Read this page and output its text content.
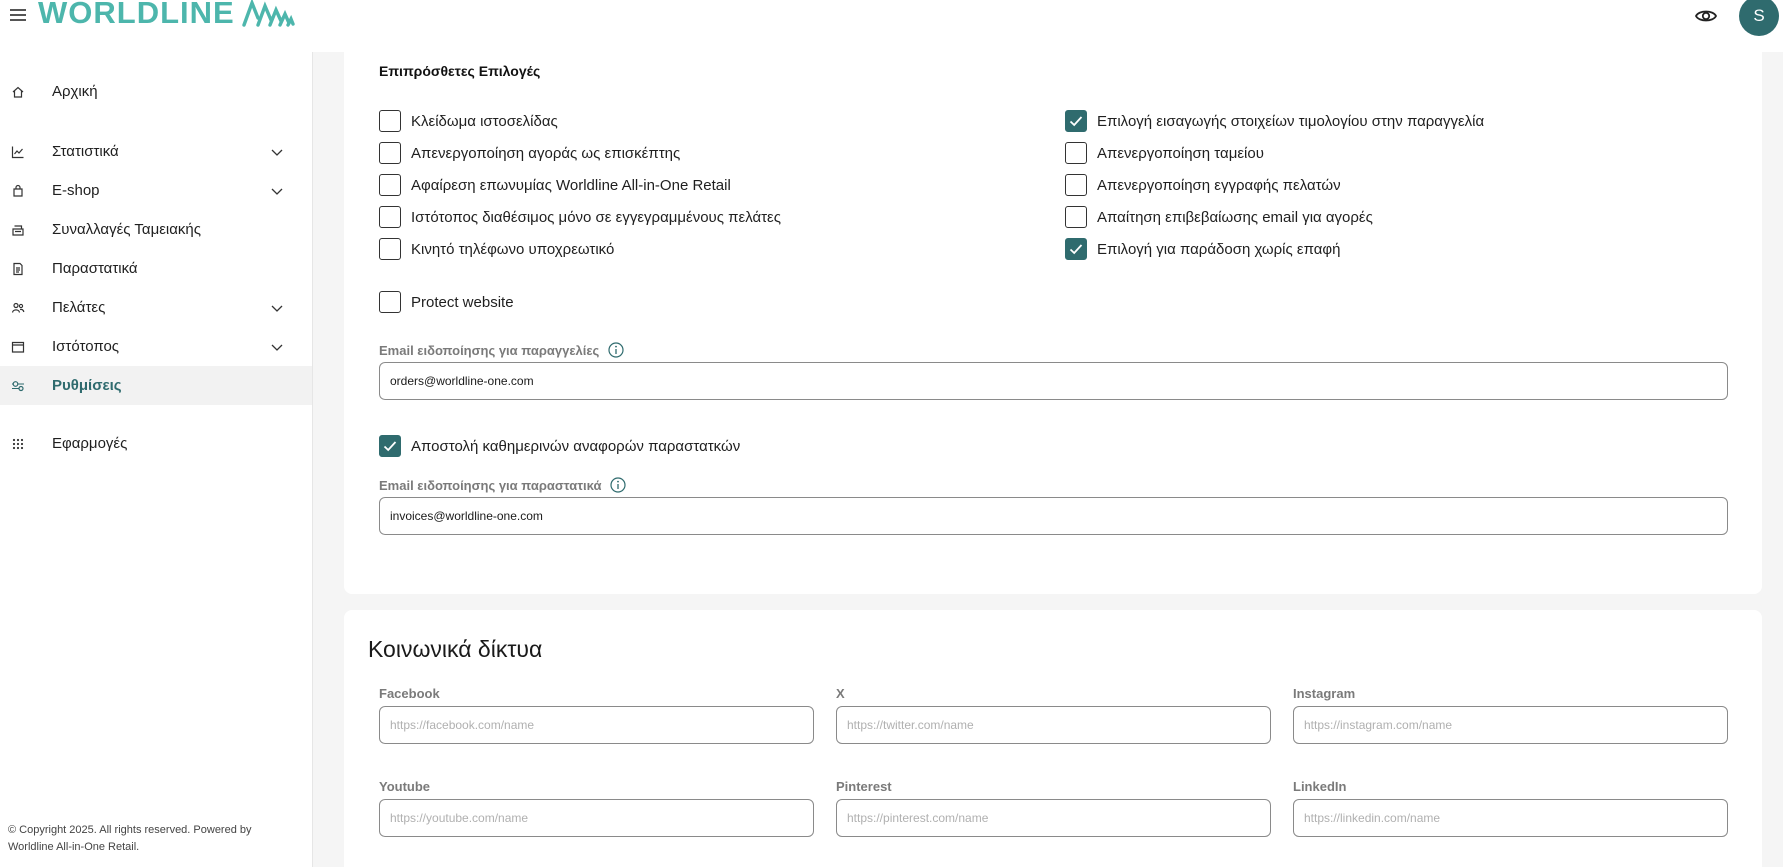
WORLDLINE	S
Αρχική
Στατιστικά
E-shop
Συναλλαγές Ταμειακής
Παραστατικά
Πελάτες
Ιστότοπος
Ρυθμίσεις
Εφαρμογές
© Copyright 2025. All rights reserved. Powered by Worldline All-in-One Retail.
Επιπρόσθετες Επιλογές
Κλείδωμα ιστοσελίδας
Απενεργοποίηση αγοράς ως επισκέπτης
Αφαίρεση επωνυμίας Worldline All-in-One Retail
Ιστότοπος διαθέσιμος μόνο σε εγγεγραμμένους πελάτες
Κινητό τηλέφωνο υποχρεωτικό
Επιλογή εισαγωγής στοιχείων τιμολογίου στην παραγγελία
Απενεργοποίηση ταμείου
Απενεργοποίηση εγγραφής πελατών
Απαίτηση επιβεβαίωσης email για αγορές
Επιλογή για παράδοση χωρίς επαφή
Protect website
Email ειδοποίησης για παραγγελίες
orders@worldline-one.com
Αποστολή καθημερινών αναφορών παραστατκών
Email ειδοποίησης για παραστατικά
invoices@worldline-one.com
Κοινωνικά δίκτυα
Facebook
https://facebook.com/name	X
https://twitter.com/name	Instagram
https://instagram.com/name
Youtube
https://youtube.com/name	Pinterest
https://pinterest.com/name	LinkedIn
https://linkedin.com/name
